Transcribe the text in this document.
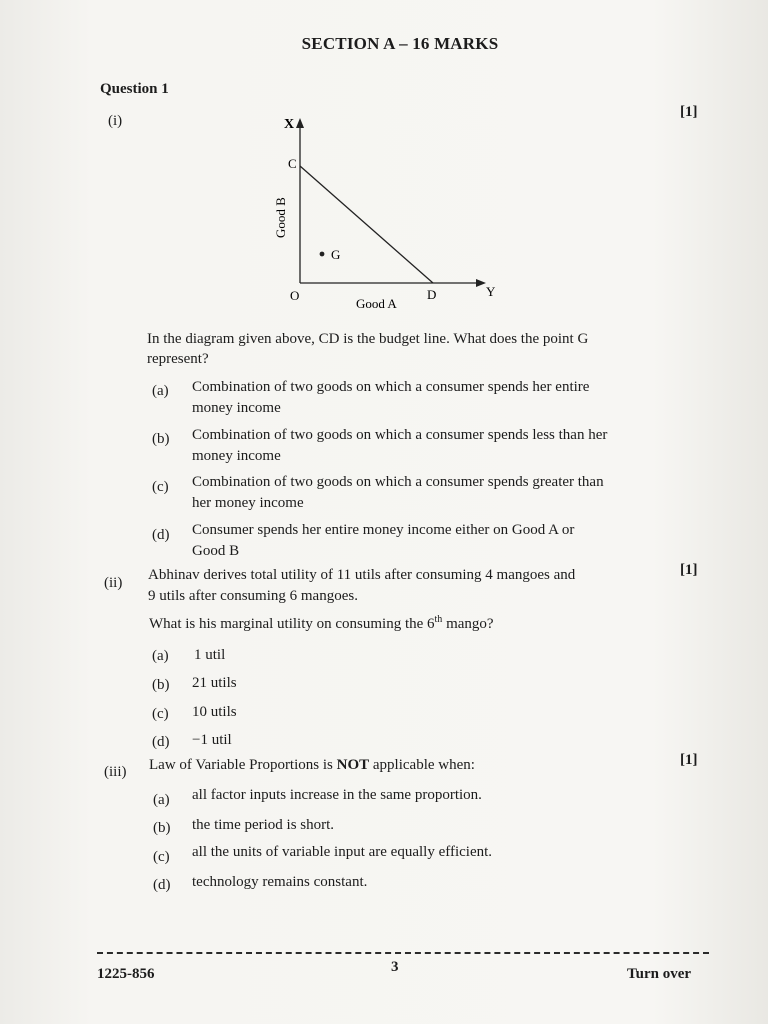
SECTION A – 16 MARKS
Question 1
(i)
[1]
X
C
G
O	D	Y
Good A
Good B
In the diagram given above, CD is the budget line. What does the point G
represent?
(a) Combination of two goods on which a consumer spends her entire
money income
(b) Combination of two goods on which a consumer spends less than her
money income
(c) Combination of two goods on which a consumer spends greater than
her money income
(d) Consumer spends her entire money income either on Good A or
Good B
(ii)
[1]
Abhinav derives total utility of 11 utils after consuming 4 mangoes and
9 utils after consuming 6 mangoes.
What is his marginal utility on consuming the 6th mango?
(a) 1 util
(b) 21 utils
(c) 10 utils
(d) −1 util
(iii)
[1]
Law of Variable Proportions is NOT applicable when:
(a) all factor inputs increase in the same proportion.
(b) the time period is short.
(c) all the units of variable input are equally efficient.
(d) technology remains constant.
1225-856	3	Turn over
